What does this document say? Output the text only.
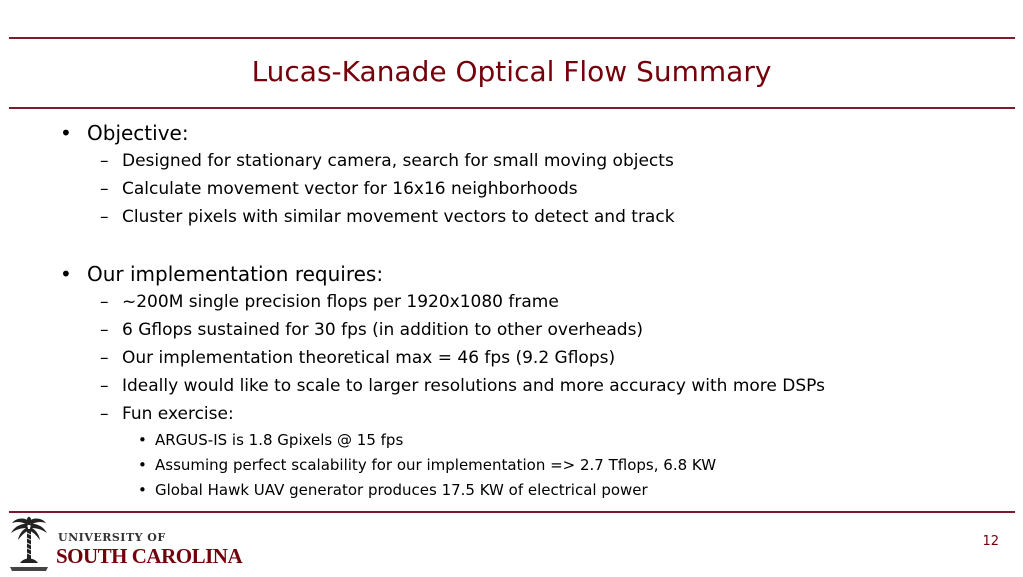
Lucas-Kanade Optical Flow Summary
• Objective:
– Designed for stationary camera, search for small moving objects
– Calculate movement vector for 16x16 neighborhoods
– Cluster pixels with similar movement vectors to detect and track
• Our implementation requires:
– ~200M single precision flops per 1920x1080 frame
– 6 Gflops sustained for 30 fps (in addition to other overheads)
– Our implementation theoretical max = 46 fps (9.2 Gflops)
– Ideally would like to scale to larger resolutions and more accuracy with more DSPs
– Fun exercise:
• ARGUS-IS is 1.8 Gpixels @ 15 fps
• Assuming perfect scalability for our implementation => 2.7 Tflops, 6.8 KW
• Global Hawk UAV generator produces 17.5 KW of electrical power
UNIVERSITY OF
SOUTH CAROLINA
12
